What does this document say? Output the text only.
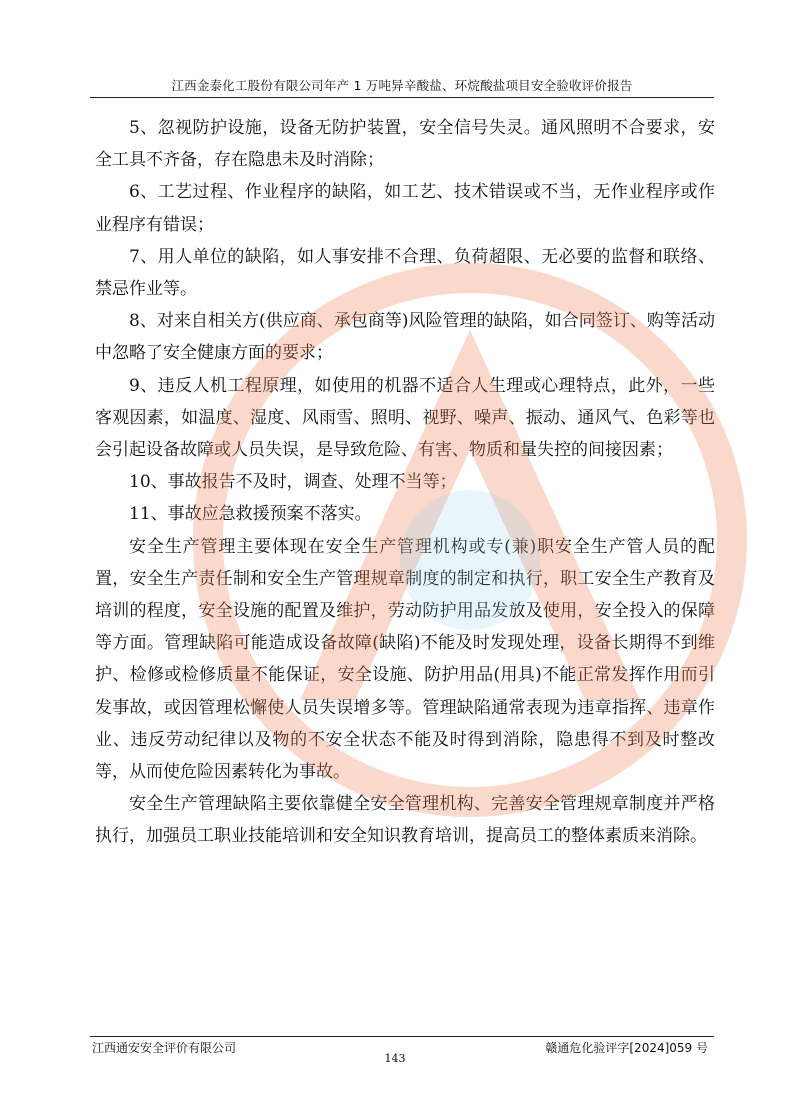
江西金泰化工股份有限公司年产 1 万吨异辛酸盐、环烷酸盐项目安全验收评价报告

5、忽视防护设施，设备无防护装置，安全信号失灵。通风照明不合要求，安全工具不齐备，存在隐患未及时消除；

6、工艺过程、作业程序的缺陷，如工艺、技术错误或不当，无作业程序或作业程序有错误；

7、用人单位的缺陷，如人事安排不合理、负荷超限、无必要的监督和联络、禁忌作业等。

8、对来自相关方(供应商、承包商等)风险管理的缺陷，如合同签订、购等活动中忽略了安全健康方面的要求；

9、违反人机工程原理，如使用的机器不适合人生理或心理特点，此外，一些客观因素，如温度、湿度、风雨雪、照明、视野、噪声、振动、通风气、色彩等也会引起设备故障或人员失误，是导致危险、有害、物质和量失控的间接因素；

10、事故报告不及时，调查、处理不当等；

11、事故应急救援预案不落实。

安全生产管理主要体现在安全生产管理机构或专(兼)职安全生产管人员的配置，安全生产责任制和安全生产管理规章制度的制定和执行，职工安全生产教育及培训的程度，安全设施的配置及维护，劳动防护用品发放及使用，安全投入的保障等方面。管理缺陷可能造成设备故障(缺陷)不能及时发现处理，设备长期得不到维护、检修或检修质量不能保证，安全设施、防护用品(用具)不能正常发挥作用而引发事故，或因管理松懈使人员失误增多等。管理缺陷通常表现为违章指挥、违章作业、违反劳动纪律以及物的不安全状态不能及时得到消除，隐患得不到及时整改等，从而使危险因素转化为事故。

安全生产管理缺陷主要依靠健全安全管理机构、完善安全管理规章制度并严格执行，加强员工职业技能培训和安全知识教育培训，提高员工的整体素质来消除。

江西通安安全评价有限公司	赣通危化验评字[2024]059 号
143
